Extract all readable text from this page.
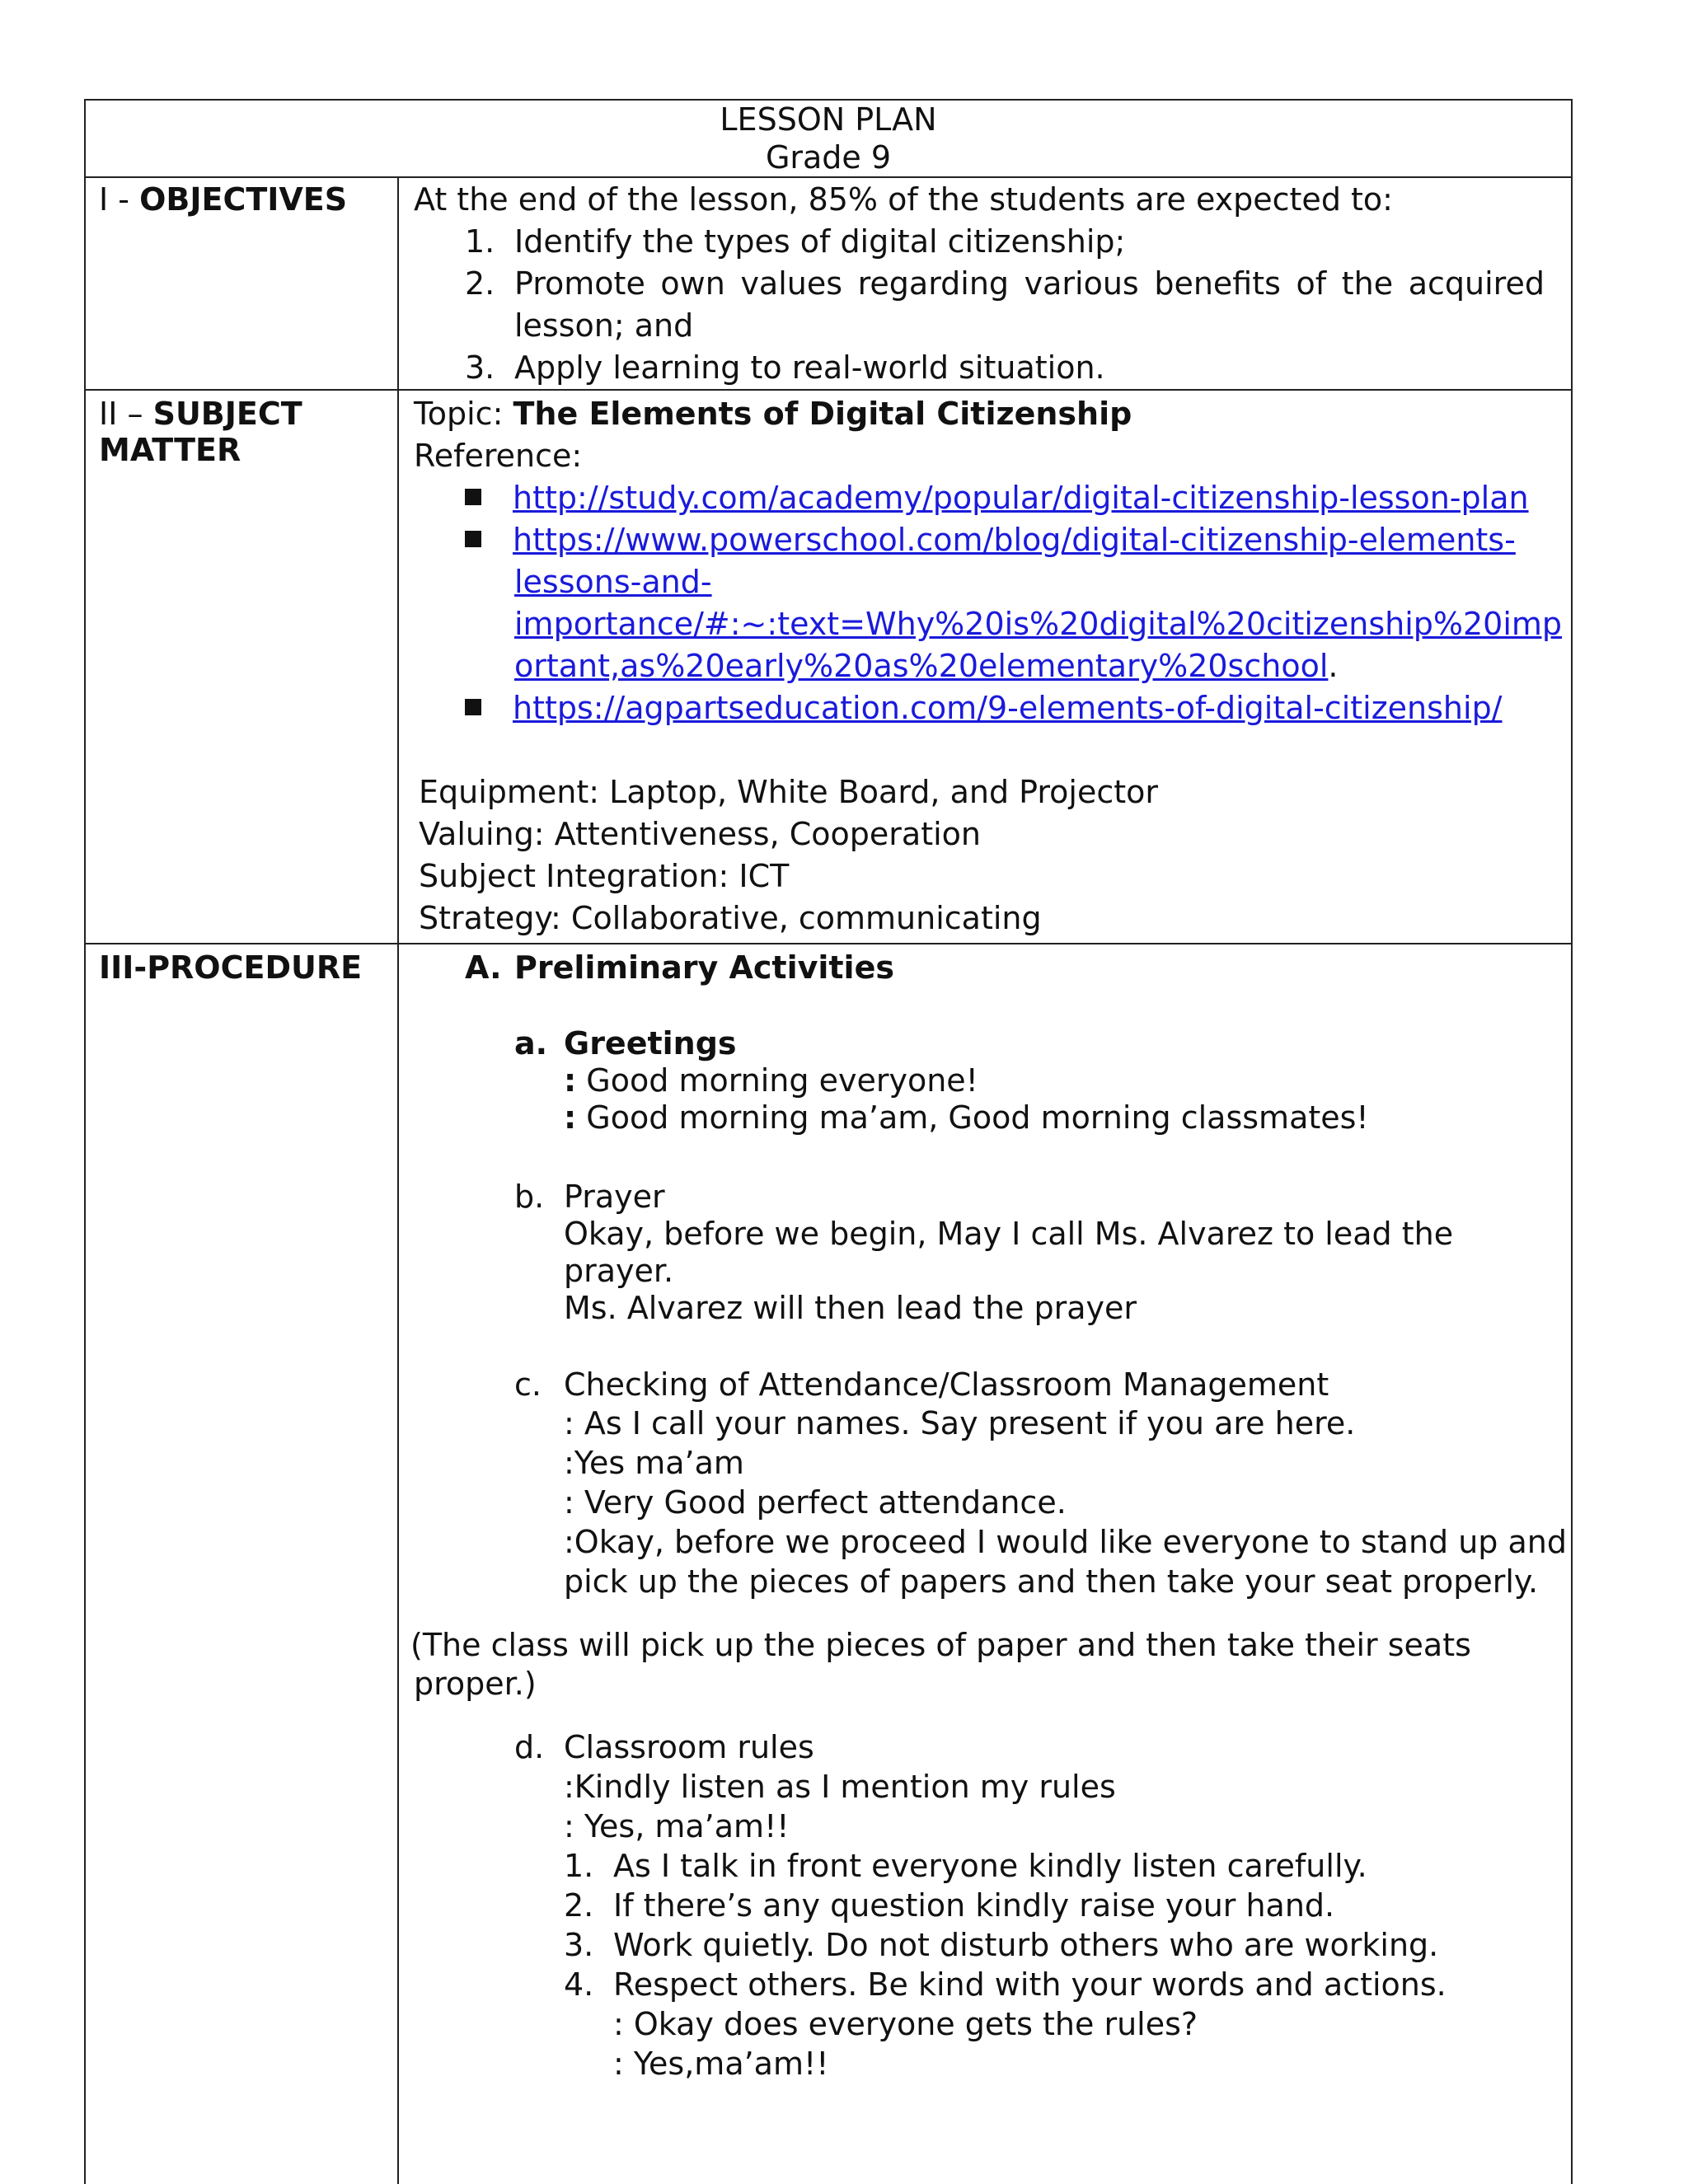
LESSON PLAN
Grade 9
I - OBJECTIVES At the end of the lesson, 85% of the students are expected to:
1. Identify the types of digital citizenship;
2. Promote own values regarding various benefits of the acquired
lesson; and
3. Apply learning to real-world situation.
II – SUBJECT
MATTER
Topic: The Elements of Digital Citizenship
Reference:
http://study.com/academy/popular/digital-citizenship-lesson-plan
https://www.powerschool.com/blog/digital-citizenship-elements-
lessons-and-
importance/#:~:text=Why%20is%20digital%20citizenship%20imp
ortant,as%20early%20as%20elementary%20school.
https://agpartseducation.com/9-elements-of-digital-citizenship/
Equipment: Laptop, White Board, and Projector
Valuing: Attentiveness, Cooperation
Subject Integration: ICT
Strategy: Collaborative, communicating
III-PROCEDURE	A. Preliminary Activities
a. Greetings
: Good morning everyone!
: Good morning ma’am, Good morning classmates!
b. Prayer
Okay, before we begin, May I call Ms. Alvarez to lead the
prayer.
Ms. Alvarez will then lead the prayer
c. Checking of Attendance/Classroom Management
: As I call your names. Say present if you are here.
:Yes ma’am
: Very Good perfect attendance.
:Okay, before we proceed I would like everyone to stand up and
pick up the pieces of papers and then take your seat properly.
(The class will pick up the pieces of paper and then take their seats
proper.)
d. Classroom rules
:Kindly listen as I mention my rules
: Yes, ma’am!!
1. As I talk in front everyone kindly listen carefully.
2. If there’s any question kindly raise your hand.
3. Work quietly. Do not disturb others who are working.
4. Respect others. Be kind with your words and actions.
: Okay does everyone gets the rules?
: Yes,ma’am!!
